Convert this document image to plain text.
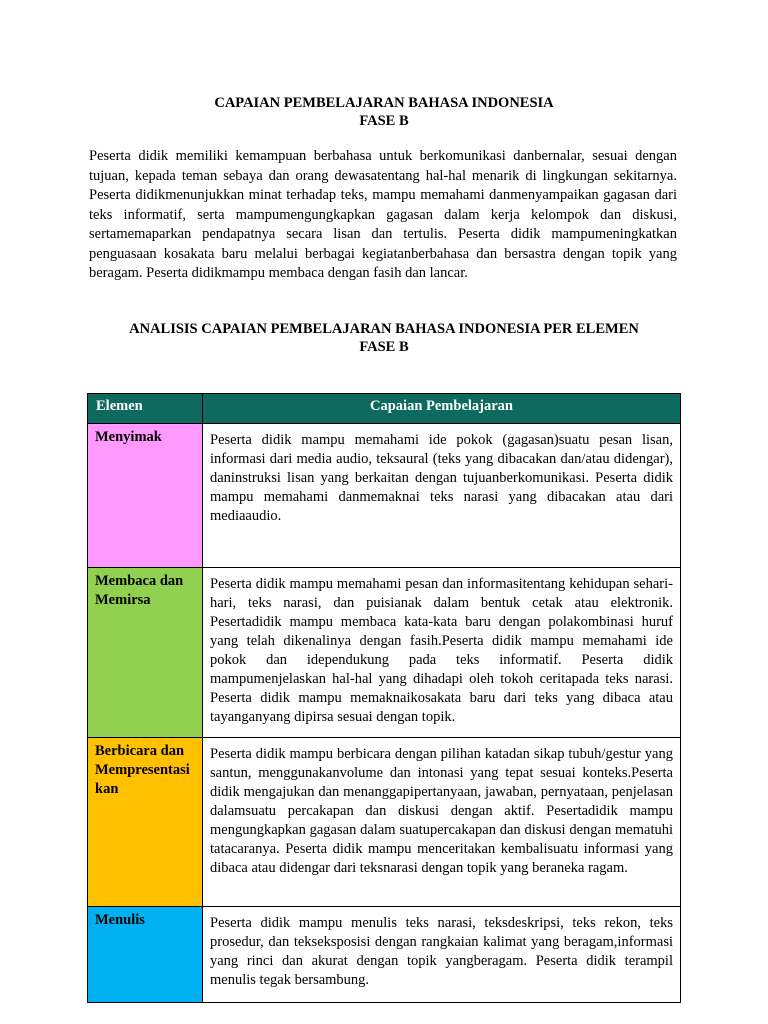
CAPAIAN PEMBELAJARAN BAHASA INDONESIA
FASE B

Peserta didik memiliki kemampuan berbahasa untuk berkomunikasi danbernalar, sesuai dengan tujuan, kepada teman sebaya dan orang dewasatentang hal-hal menarik di lingkungan sekitarnya. Peserta didikmenunjukkan minat terhadap teks, mampu memahami danmenyampaikan gagasan dari teks informatif, serta mampumengungkapkan gagasan dalam kerja kelompok dan diskusi, sertamemaparkan pendapatnya secara lisan dan tertulis. Peserta didik mampumeningkatkan penguasaan kosakata baru melalui berbagai kegiatanberbahasa dan bersastra dengan topik yang beragam. Peserta didikmampu membaca dengan fasih dan lancar.

ANALISIS CAPAIAN PEMBELAJARAN BAHASA INDONESIA PER ELEMEN
FASE B
Elemen	Capaian Pembelajaran
Menyimak	Peserta didik mampu memahami ide pokok (gagasan)suatu pesan lisan, informasi dari media audio, teksaural (teks yang dibacakan dan/atau didengar), daninstruksi lisan yang berkaitan dengan tujuanberkomunikasi. Peserta didik mampu memahami danmemaknai teks narasi yang dibacakan atau dari mediaaudio.
Membaca dan Memirsa	Peserta didik mampu memahami pesan dan informasitentang kehidupan sehari-hari, teks narasi, dan puisianak dalam bentuk cetak atau elektronik. Pesertadidik mampu membaca kata-kata baru dengan polakombinasi huruf yang telah dikenalinya dengan fasih.Peserta didik mampu memahami ide pokok dan idependukung pada teks informatif. Peserta didik mampumenjelaskan hal-hal yang dihadapi oleh tokoh ceritapada teks narasi. Peserta didik mampu memaknaikosakata baru dari teks yang dibaca atau tayanganyang dipirsa sesuai dengan topik.
Berbicara dan Mempresentasi kan	Peserta didik mampu berbicara dengan pilihan katadan sikap tubuh/gestur yang santun, menggunakanvolume dan intonasi yang tepat sesuai konteks.Peserta didik mengajukan dan menanggapipertanyaan, jawaban, pernyataan, penjelasan dalamsuatu percakapan dan diskusi dengan aktif. Pesertadidik mampu mengungkapkan gagasan dalam suatupercakapan dan diskusi dengan mematuhi tatacaranya. Peserta didik mampu menceritakan kembalisuatu informasi yang dibaca atau didengar dari teksnarasi dengan topik yang beraneka ragam.
Menulis	Peserta didik mampu menulis teks narasi, teksdeskripsi, teks rekon, teks prosedur, dan tekseksposisi dengan rangkaian kalimat yang beragam,informasi yang rinci dan akurat dengan topik yangberagam. Peserta didik terampil menulis tegak bersambung.
